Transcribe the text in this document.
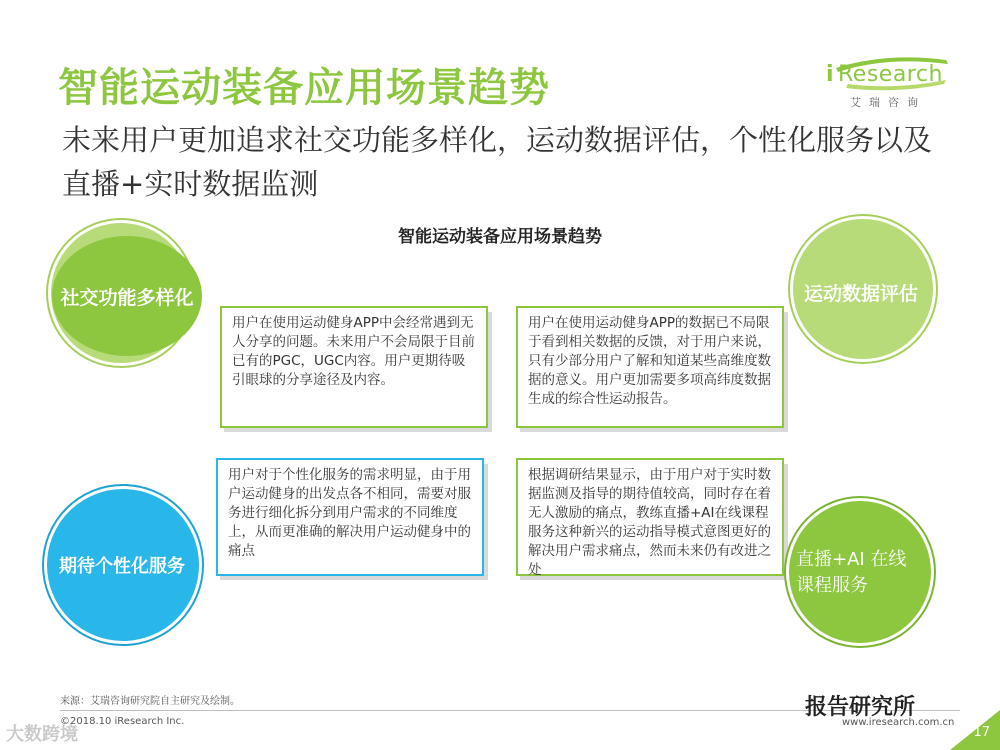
智能运动装备应用场景趋势
未来用户更加追求社交功能多样化，运动数据评估，个性化服务以及直播+实时数据监测
i Research
艾瑞咨询
智能运动装备应用场景趋势
用户在使用运动健身APP中会经常遇到无人分享的问题。未来用户不会局限于目前已有的PGC，UGC内容。用户更期待吸引眼球的分享途径及内容。
用户在使用运动健身APP的数据已不局限于看到相关数据的反馈，对于用户来说，只有少部分用户了解和知道某些高维度数据的意义。用户更加需要多项高纬度数据生成的综合性运动报告。
用户对于个性化服务的需求明显，由于用户运动健身的出发点各不相同，需要对服务进行细化拆分到用户需求的不同维度上，从而更准确的解决用户运动健身中的痛点
根据调研结果显示，由于用户对于实时数据监测及指导的期待值较高，同时存在着无人激励的痛点，教练直播+AI在线课程服务这种新兴的运动指导模式意图更好的解决用户需求痛点，然而未来仍有改进之处
社交功能多样化	运动数据评估
期待个性化服务	直播+AI 在线
课程服务
来源：艾瑞咨询研究院自主研究及绘制。
©2018.10 iResearch Inc.
大数跨境
报告研究所
www.iresearch.com.cn
17
